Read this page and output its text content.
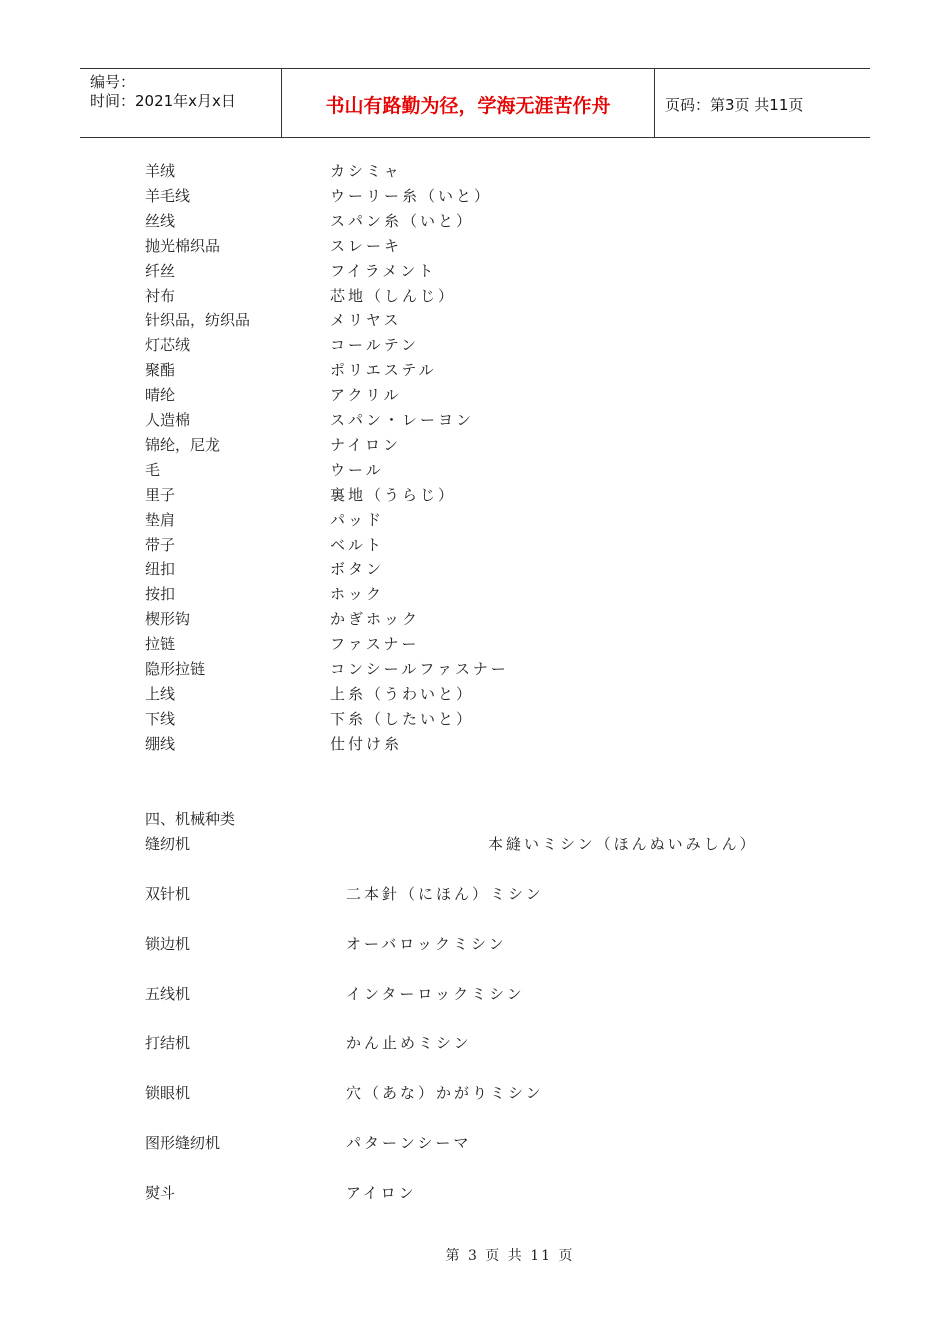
编号：
时间：2021年x月x日	书山有路勤为径，学海无涯苦作舟	页码：第3页 共11页
羊绒	カシミャ
羊毛线	ウーリー糸（いと）
丝线	スパン糸（いと）
抛光棉织品	スレーキ
纤丝	フイラメント
衬布	芯地（しんじ）
针织品，纺织品	メリヤス
灯芯绒	コールテン
聚酯	ポリエステル
晴纶	アクリル
人造棉	スパン・レーヨン
锦纶，尼龙	ナイロン
毛	ウール
里子	裏地（うらじ）
垫肩	パッド
带子	ベルト
纽扣	ボタン
按扣	ホック
楔形钩	かぎホック
拉链	ファスナー
隐形拉链	コンシールファスナー
上线	上糸（うわいと）
下线	下糸（したいと）
绷线	仕付け糸
四、机械种类
缝纫机	本縫いミシン（ほんぬいみしん）
双针机	二本針（にほん）ミシン
锁边机	オーバロックミシン
五线机	インターロックミシン
打结机	かん止めミシン
锁眼机	穴（あな）かがりミシン
图形缝纫机	パターンシーマ
熨斗	アイロン
第 3 页 共 11 页
